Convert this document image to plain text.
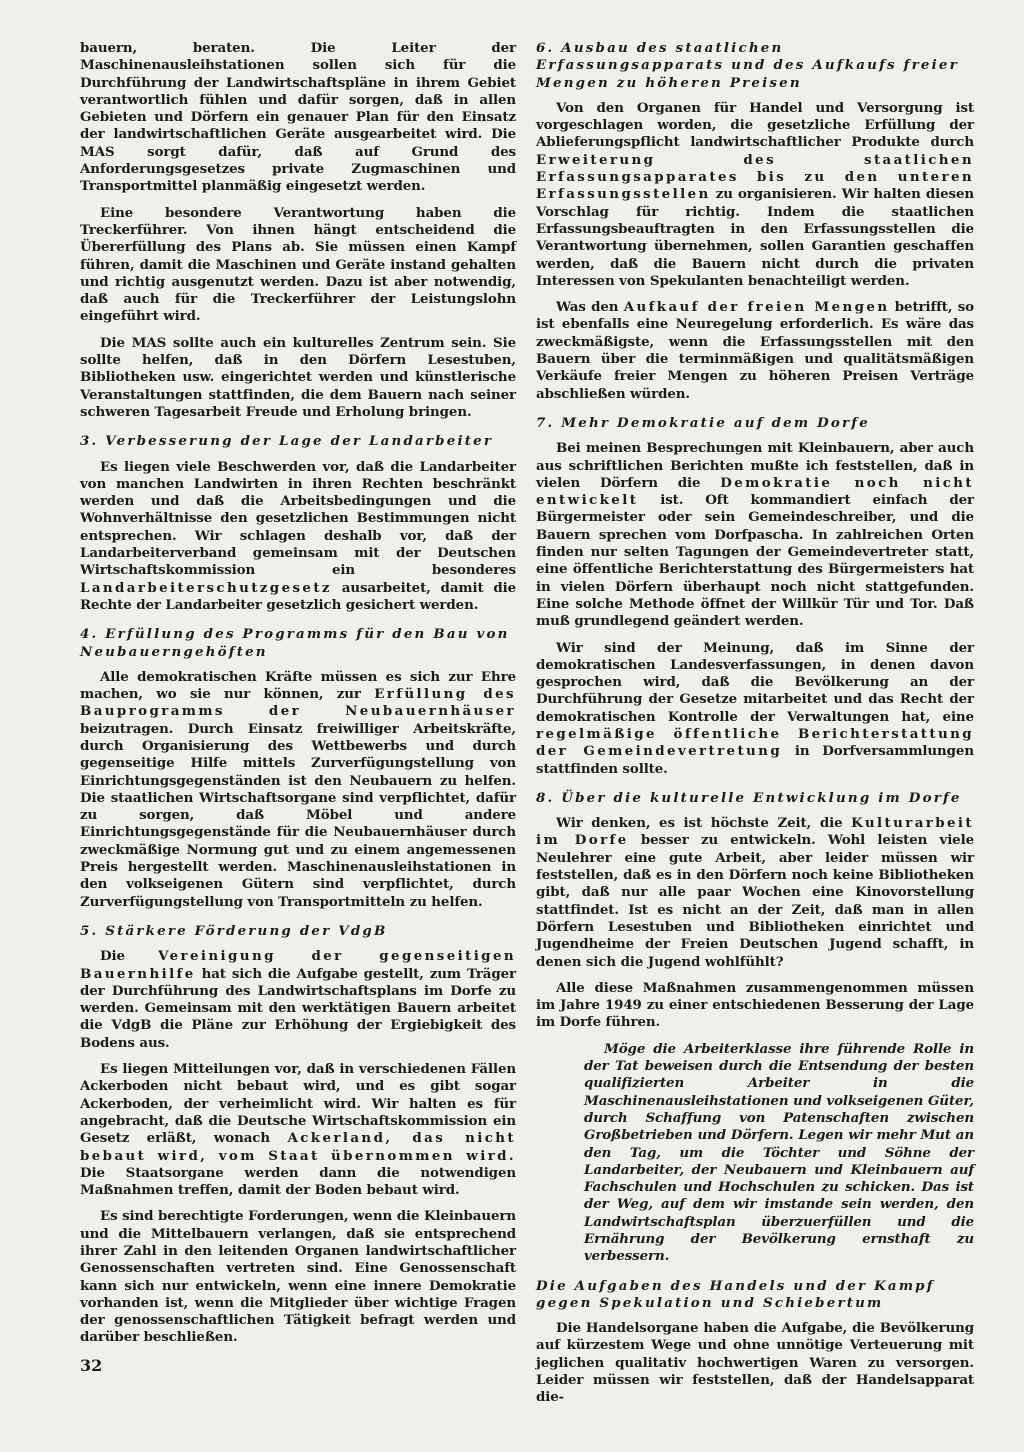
bauern, beraten. Die Leiter der Maschinenausleihstationen sollen sich für die Durchführung der Landwirtschaftspläne in ihrem Gebiet verantwortlich fühlen und dafür sorgen, daß in allen Gebieten und Dörfern ein genauer Plan für den Einsatz der landwirtschaftlichen Geräte ausgearbeitet wird. Die MAS sorgt dafür, daß auf Grund des Anforderungsgesetzes private Zugmaschinen und Transportmittel planmäßig eingesetzt werden.

Eine besondere Verantwortung haben die Treckerführer. Von ihnen hängt entscheidend die Übererfüllung des Plans ab. Sie müssen einen Kampf führen, damit die Maschinen und Geräte instand gehalten und richtig ausgenutzt werden. Dazu ist aber notwendig, daß auch für die Treckerführer der Leistungslohn eingeführt wird.

Die MAS sollte auch ein kulturelles Zentrum sein. Sie sollte helfen, daß in den Dörfern Lesestuben, Bibliotheken usw. eingerichtet werden und künstlerische Veranstaltungen stattfinden, die dem Bauern nach seiner schweren Tagesarbeit Freude und Erholung bringen.

3. Verbesserung der Lage der Landarbeiter

Es liegen viele Beschwerden vor, daß die Landarbeiter von manchen Landwirten in ihren Rechten beschränkt werden und daß die Arbeitsbedingungen und die Wohnverhältnisse den gesetzlichen Bestimmungen nicht entsprechen. Wir schlagen deshalb vor, daß der Landarbeiterverband gemeinsam mit der Deutschen Wirtschaftskommission ein besonderes Landarbeiterschutzgesetz ausarbeitet, damit die Rechte der Landarbeiter gesetzlich gesichert werden.

4. Erfüllung des Programms für den Bau von Neubauerngehöften

Alle demokratischen Kräfte müssen es sich zur Ehre machen, wo sie nur können, zur Erfüllung des Bauprogramms der Neubauernhäuser beizutragen. Durch Einsatz freiwilliger Arbeitskräfte, durch Organisierung des Wettbewerbs und durch gegenseitige Hilfe mittels Zurverfügungstellung von Einrichtungsgegenständen ist den Neubauern zu helfen. Die staatlichen Wirtschaftsorgane sind verpflichtet, dafür zu sorgen, daß Möbel und andere Einrichtungsgegenstände für die Neubauernhäuser durch zweckmäßige Normung gut und zu einem angemessenen Preis hergestellt werden. Maschinenausleihstationen in den volkseigenen Gütern sind verpflichtet, durch Zurverfügungstellung von Transportmitteln zu helfen.

5. Stärkere Förderung der VdgB

Die Vereinigung der gegenseitigen Bauernhilfe hat sich die Aufgabe gestellt, zum Träger der Durchführung des Landwirtschaftsplans im Dorfe zu werden. Gemeinsam mit den werktätigen Bauern arbeitet die VdgB die Pläne zur Erhöhung der Ergiebigkeit des Bodens aus.

Es liegen Mitteilungen vor, daß in verschiedenen Fällen Ackerboden nicht bebaut wird, und es gibt sogar Ackerboden, der verheimlicht wird. Wir halten es für angebracht, daß die Deutsche Wirtschaftskommission ein Gesetz erläßt, wonach Ackerland, das nicht bebaut wird, vom Staat übernommen wird. Die Staatsorgane werden dann die notwendigen Maßnahmen treffen, damit der Boden bebaut wird.

Es sind berechtigte Forderungen, wenn die Kleinbauern und die Mittelbauern verlangen, daß sie entsprechend ihrer Zahl in den leitenden Organen landwirtschaftlicher Genossenschaften vertreten sind. Eine Genossenschaft kann sich nur entwickeln, wenn eine innere Demokratie vorhanden ist, wenn die Mitglieder über wichtige Fragen der genossenschaftlichen Tätigkeit befragt werden und darüber beschließen.

6. Ausbau des staatlichen Erfassungsapparats und des Aufkaufs freier Mengen zu höheren Preisen

Von den Organen für Handel und Versorgung ist vorgeschlagen worden, die gesetzliche Erfüllung der Ablieferungspflicht landwirtschaftlicher Produkte durch Erweiterung des staatlichen Erfassungsapparates bis zu den unteren Erfassungsstellen zu organisieren. Wir halten diesen Vorschlag für richtig. Indem die staatlichen Erfassungsbeauftragten in den Erfassungsstellen die Verantwortung übernehmen, sollen Garantien geschaffen werden, daß die Bauern nicht durch die privaten Interessen von Spekulanten benachteiligt werden.

Was den Aufkauf der freien Mengen betrifft, so ist ebenfalls eine Neuregelung erforderlich. Es wäre das zweckmäßigste, wenn die Erfassungsstellen mit den Bauern über die terminmäßigen und qualitätsmäßigen Verkäufe freier Mengen zu höheren Preisen Verträge abschließen würden.

7. Mehr Demokratie auf dem Dorfe

Bei meinen Besprechungen mit Kleinbauern, aber auch aus schriftlichen Berichten mußte ich feststellen, daß in vielen Dörfern die Demokratie noch nicht entwickelt ist. Oft kommandiert einfach der Bürgermeister oder sein Gemeindeschreiber, und die Bauern sprechen vom Dorfpascha. In zahlreichen Orten finden nur selten Tagungen der Gemeindevertreter statt, eine öffentliche Berichterstattung des Bürgermeisters hat in vielen Dörfern überhaupt noch nicht stattgefunden. Eine solche Methode öffnet der Willkür Tür und Tor. Daß muß grundlegend geändert werden.

Wir sind der Meinung, daß im Sinne der demokratischen Landesverfassungen, in denen davon gesprochen wird, daß die Bevölkerung an der Durchführung der Gesetze mitarbeitet und das Recht der demokratischen Kontrolle der Verwaltungen hat, eine regelmäßige öffentliche Berichterstattung der Gemeindevertretung in Dorfversammlungen stattfinden sollte.

8. Über die kulturelle Entwicklung im Dorfe

Wir denken, es ist höchste Zeit, die Kulturarbeit im Dorfe besser zu entwickeln. Wohl leisten viele Neulehrer eine gute Arbeit, aber leider müssen wir feststellen, daß es in den Dörfern noch keine Bibliotheken gibt, daß nur alle paar Wochen eine Kinovorstellung stattfindet. Ist es nicht an der Zeit, daß man in allen Dörfern Lesestuben und Bibliotheken einrichtet und Jugendheime der Freien Deutschen Jugend schafft, in denen sich die Jugend wohlfühlt?

Alle diese Maßnahmen zusammengenommen müssen im Jahre 1949 zu einer entschiedenen Besserung der Lage im Dorfe führen.

Möge die Arbeiterklasse ihre führende Rolle in der Tat beweisen durch die Entsendung der besten qualifizierten Arbeiter in die Maschinenausleihstationen und volkseigenen Güter, durch Schaffung von Patenschaften zwischen Großbetrieben und Dörfern. Legen wir mehr Mut an den Tag, um die Töchter und Söhne der Landarbeiter, der Neubauern und Kleinbauern auf Fachschulen und Hochschulen zu schicken. Das ist der Weg, auf dem wir imstande sein werden, den Landwirtschaftsplan überzuerfüllen und die Ernährung der Bevölkerung ernsthaft zu verbessern.

Die Aufgaben des Handels und der Kampf gegen Spekulation und Schiebertum

Die Handelsorgane haben die Aufgabe, die Bevölkerung auf kürzestem Wege und ohne unnötige Verteuerung mit jeglichen qualitativ hochwertigen Waren zu versorgen. Leider müssen wir feststellen, daß der Handelsapparat die-

32
